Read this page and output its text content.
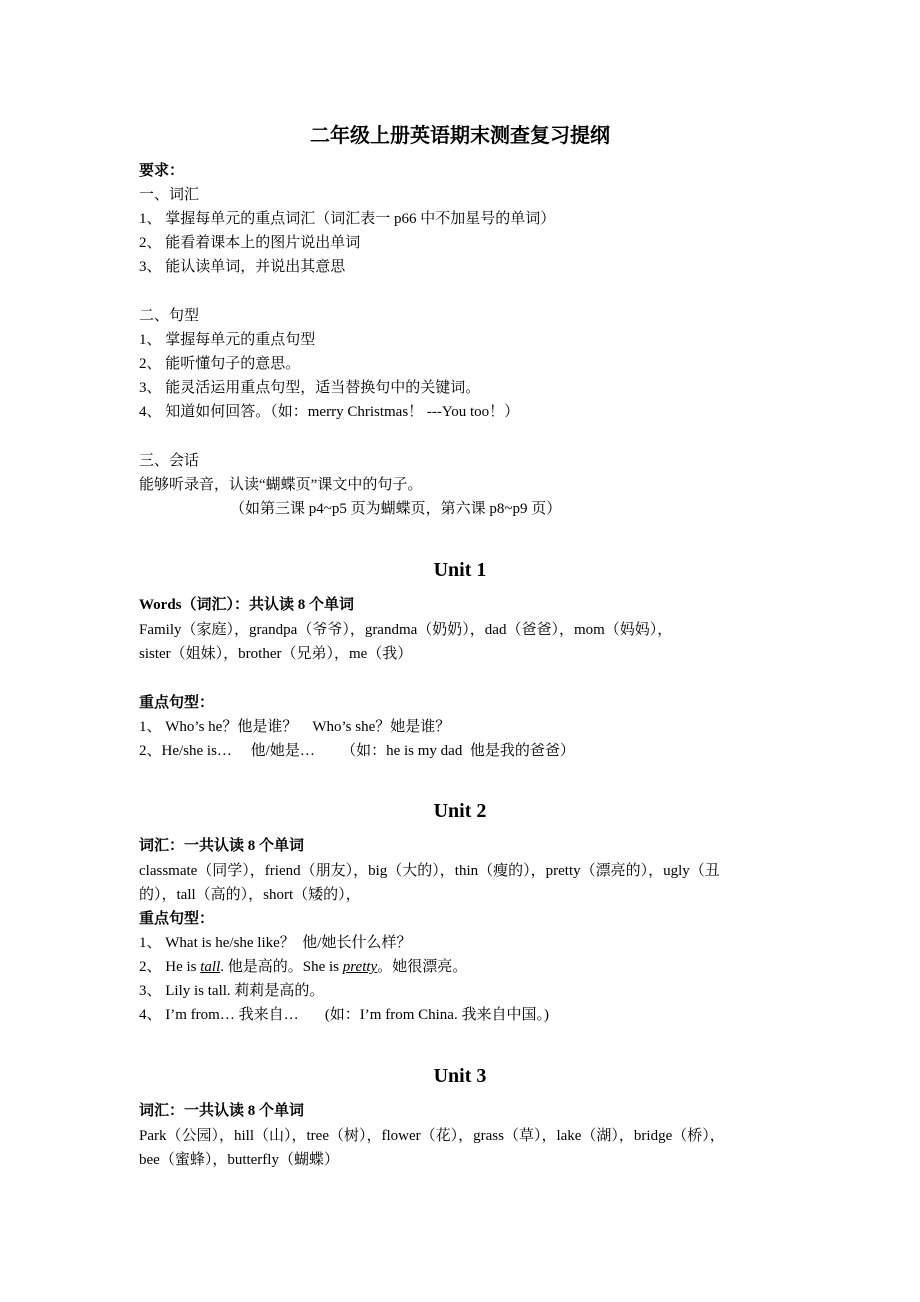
二年级上册英语期末测查复习提纲
要求：
一、词汇
1、 掌握每单元的重点词汇（词汇表一 p66 中不加星号的单词）
2、 能看着课本上的图片说出单词
3、 能认读单词，并说出其意思
二、句型
1、 掌握每单元的重点句型
2、 能听懂句子的意思。
3、 能灵活运用重点句型，适当替换句中的关键词。
4、 知道如何回答。（如：merry Christmas！ ---You too！）
三、会话
能够听录音，认读“蝴蝶页”课文中的句子。
（如第三课 p4~p5 页为蝴蝶页，第六课 p8~p9 页）
Unit 1
Words（词汇）：共认读 8 个单词
Family（家庭），grandpa（爷爷），grandma（奶奶），dad（爸爸），mom（妈妈），
sister（姐妹），brother（兄弟），me（我）
重点句型：
1、 Who’s he？他是谁？    Who’s she？她是谁？
2、He/she is…     他/她是…       （如：he is my dad  他是我的爸爸）
Unit 2
词汇：一共认读 8 个单词
classmate（同学），friend（朋友），big（大的），thin（瘦的），pretty（漂亮的），ugly（丑
的），tall（高的），short（矮的），
重点句型：
1、 What is he/she like？  他/她长什么样？
2、 He is tall. 他是高的。She is pretty。她很漂亮。
3、 Lily is tall. 莉莉是高的。
4、 I’m from… 我来自…       (如：I’m from China. 我来自中国。)
Unit 3
词汇：一共认读 8 个单词
Park（公园），hill（山），tree（树），flower（花），grass（草），lake（湖），bridge（桥），
bee（蜜蜂），butterfly（蝴蝶）
